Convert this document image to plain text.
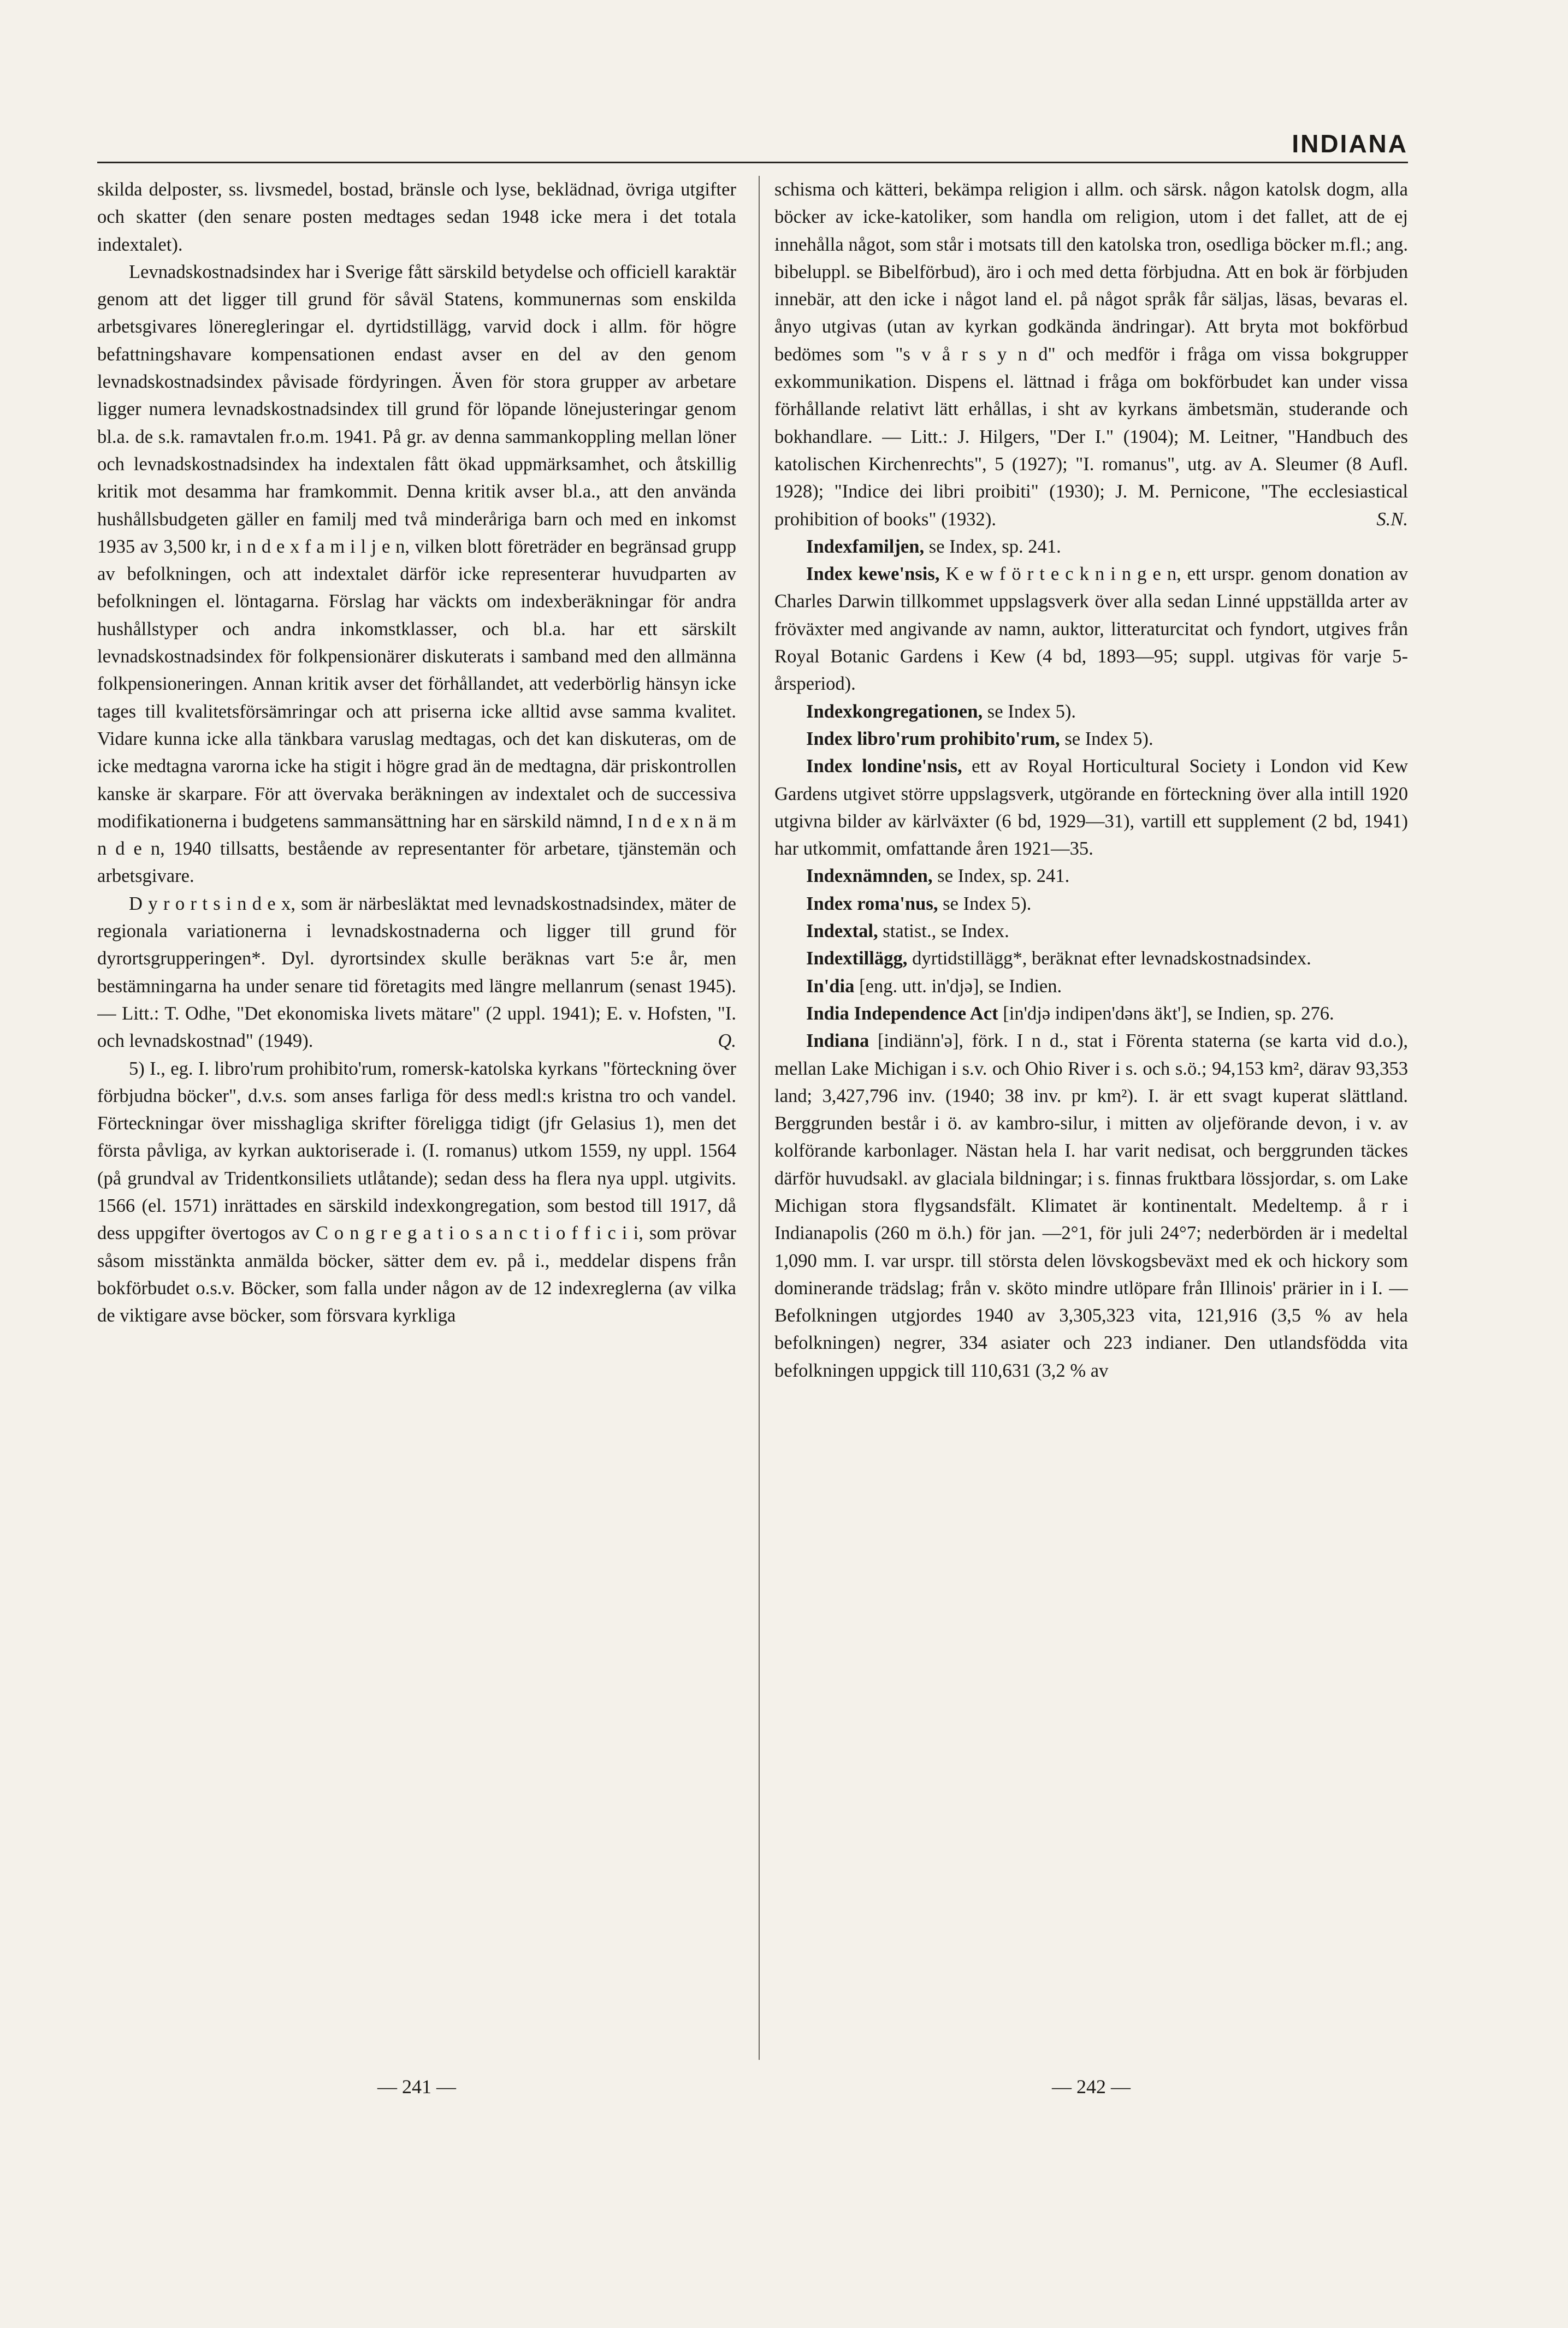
INDIANA

skilda delposter, ss. livsmedel, bostad, bränsle och lyse, beklädnad, övriga utgifter och skatter (den senare posten medtages sedan 1948 icke mera i det totala indextalet).

Levnadskostnadsindex har i Sverige fått särskild betydelse och officiell karaktär genom att det ligger till grund för såväl Statens, kommunernas som enskilda arbetsgivares löneregleringar el. dyrtidstillägg, varvid dock i allm. för högre befattningshavare kompensationen endast avser en del av den genom levnadskostnadsindex påvisade fördyringen. Även för stora grupper av arbetare ligger numera levnadskostnadsindex till grund för löpande lönejusteringar genom bl.a. de s.k. ramavtalen fr.o.m. 1941. På gr. av denna sammankoppling mellan löner och levnadskostnadsindex ha indextalen fått ökad uppmärksamhet, och åtskillig kritik mot desamma har framkommit. Denna kritik avser bl.a., att den använda hushållsbudgeten gäller en familj med två minderåriga barn och med en inkomst 1935 av 3,500 kr, i n d e x f a m i l j e n, vilken blott företräder en begränsad grupp av befolkningen, och att indextalet därför icke representerar huvudparten av befolkningen el. löntagarna. Förslag har väckts om indexberäkningar för andra hushållstyper och andra inkomstklasser, och bl.a. har ett särskilt levnadskostnadsindex för folkpensionärer diskuterats i samband med den allmänna folkpensioneringen. Annan kritik avser det förhållandet, att vederbörlig hänsyn icke tages till kvalitetsförsämringar och att priserna icke alltid avse samma kvalitet. Vidare kunna icke alla tänkbara varuslag medtagas, och det kan diskuteras, om de icke medtagna varorna icke ha stigit i högre grad än de medtagna, där priskontrollen kanske är skarpare. För att övervaka beräkningen av indextalet och de successiva modifikationerna i budgetens sammansättning har en särskild nämnd, I n d e x n ä m n d e n, 1940 tillsatts, bestående av representanter för arbetare, tjänstemän och arbetsgivare.

D y r o r t s i n d e x, som är närbesläktat med levnadskostnadsindex, mäter de regionala variationerna i levnadskostnaderna och ligger till grund för dyrortsgrupperingen*. Dyl. dyrortsindex skulle beräknas vart 5:e år, men bestämningarna ha under senare tid företagits med längre mellanrum (senast 1945). — Litt.: T. Odhe, "Det ekonomiska livets mätare" (2 uppl. 1941); E. v. Hofsten, "I. och levnadskostnad" (1949).	Q.

5) I., eg. I. libro'rum prohibito'rum, romersk-katolska kyrkans "förteckning över förbjudna böcker", d.v.s. som anses farliga för dess medl:s kristna tro och vandel. Förteckningar över misshagliga skrifter föreligga tidigt (jfr Gelasius 1), men det första påvliga, av kyrkan auktoriserade i. (I. romanus) utkom 1559, ny uppl. 1564 (på grundval av Tridentkonsiliets utlåtande); sedan dess ha flera nya uppl. utgivits. 1566 (el. 1571) inrättades en särskild indexkongregation, som bestod till 1917, då dess uppgifter övertogos av C o n g r e g a t i o s a n c t i o f f i c i i, som prövar såsom misstänkta anmälda böcker, sätter dem ev. på i., meddelar dispens från bokförbudet o.s.v. Böcker, som falla under någon av de 12 indexreglerna (av vilka de viktigare avse böcker, som försvara kyrkliga

schisma och kätteri, bekämpa religion i allm. och särsk. någon katolsk dogm, alla böcker av icke-katoliker, som handla om religion, utom i det fallet, att de ej innehålla något, som står i motsats till den katolska tron, osedliga böcker m.fl.; ang. bibeluppl. se Bibelförbud), äro i och med detta förbjudna. Att en bok är förbjuden innebär, att den icke i något land el. på något språk får säljas, läsas, bevaras el. ånyo utgivas (utan av kyrkan godkända ändringar). Att bryta mot bokförbud bedömes som "s v å r s y n d" och medför i fråga om vissa bokgrupper exkommunikation. Dispens el. lättnad i fråga om bokförbudet kan under vissa förhållande relativt lätt erhållas, i sht av kyrkans ämbetsmän, studerande och bokhandlare. — Litt.: J. Hilgers, "Der I." (1904); M. Leitner, "Handbuch des katolischen Kirchenrechts", 5 (1927); "I. romanus", utg. av A. Sleumer (8 Aufl. 1928); "Indice dei libri proibiti" (1930); J. M. Pernicone, "The ecclesiastical prohibition of books" (1932).	S.N.

Indexfamiljen, se Index, sp. 241.

Index kewe'nsis, K e w f ö r t e c k n i n g e n, ett urspr. genom donation av Charles Darwin tillkommet uppslagsverk över alla sedan Linné uppställda arter av fröväxter med angivande av namn, auktor, litteraturcitat och fyndort, utgives från Royal Botanic Gardens i Kew (4 bd, 1893—95; suppl. utgivas för varje 5-årsperiod).

Indexkongregationen, se Index 5).

Index libro'rum prohibito'rum, se Index 5).

Index londine'nsis, ett av Royal Horticultural Society i London vid Kew Gardens utgivet större uppslagsverk, utgörande en förteckning över alla intill 1920 utgivna bilder av kärlväxter (6 bd, 1929—31), vartill ett supplement (2 bd, 1941) har utkommit, omfattande åren 1921—35.

Indexnämnden, se Index, sp. 241.

Index roma'nus, se Index 5).

Indextal, statist., se Index.

Indextillägg, dyrtidstillägg*, beräknat efter levnadskostnadsindex.

In'dia [eng. utt. in'djə], se Indien.

India Independence Act [in'djə indipen'dəns äkt'], se Indien, sp. 276.

Indiana [indiänn'ə], förk. I n d., stat i Förenta staterna (se karta vid d.o.), mellan Lake Michigan i s.v. och Ohio River i s. och s.ö.; 94,153 km², därav 93,353 land; 3,427,796 inv. (1940; 38 inv. pr km²). I. är ett svagt kuperat slättland. Berggrunden består i ö. av kambro-silur, i mitten av oljeförande devon, i v. av kolförande karbonlager. Nästan hela I. har varit nedisat, och berggrunden täckes därför huvudsakl. av glaciala bildningar; i s. finnas fruktbara lössjordar, s. om Lake Michigan stora flygsandsfält. Klimatet är kontinentalt. Medeltemp. å r i Indianapolis (260 m ö.h.) för jan. —2°1, för juli 24°7; nederbörden är i medeltal 1,090 mm. I. var urspr. till största delen lövskogsbeväxt med ek och hickory som dominerande trädslag; från v. sköto mindre utlöpare från Illinois' prärier in i I. — Befolkningen utgjordes 1940 av 3,305,323 vita, 121,916 (3,5 % av hela befolkningen) negrer, 334 asiater och 223 indianer. Den utlandsfödda vita befolkningen uppgick till 110,631 (3,2 % av

— 241 —	— 242 —
